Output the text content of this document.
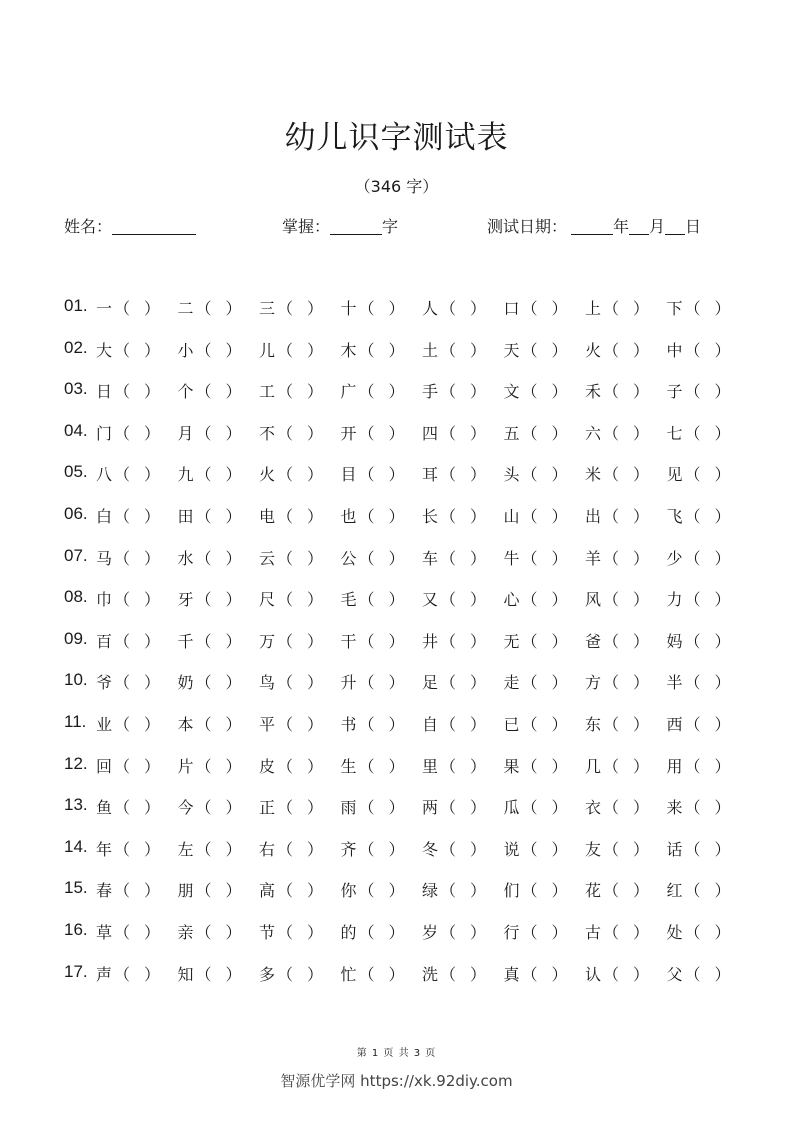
幼儿识字测试表
（346 字）
姓名：	掌握：	字	测试日期：	年 月 日
01. 一 （ ） 二 （ ） 三 （ ） 十 （ ） 人 （ ） 口 （ ） 上 （ ） 下 （ ）
02. 大 （ ） 小 （ ） 儿 （ ） 木 （ ） 土 （ ） 天 （ ） 火 （ ） 中 （ ）
03. 日 （ ） 个 （ ） 工 （ ） 广 （ ） 手 （ ） 文 （ ） 禾 （ ） 子 （ ）
04. 门 （ ） 月 （ ） 不 （ ） 开 （ ） 四 （ ） 五 （ ） 六 （ ） 七 （ ）
05. 八 （ ） 九 （ ） 火 （ ） 目 （ ） 耳 （ ） 头 （ ） 米 （ ） 见 （ ）
06. 白 （ ） 田 （ ） 电 （ ） 也 （ ） 长 （ ） 山 （ ） 出 （ ） 飞 （ ）
07. 马 （ ） 水 （ ） 云 （ ） 公 （ ） 车 （ ） 牛 （ ） 羊 （ ） 少 （ ）
08. 巾 （ ） 牙 （ ） 尺 （ ） 毛 （ ） 又 （ ） 心 （ ） 风 （ ） 力 （ ）
09. 百 （ ） 千 （ ） 万 （ ） 干 （ ） 井 （ ） 无 （ ） 爸 （ ） 妈 （ ）
10. 爷 （ ） 奶 （ ） 鸟 （ ） 升 （ ） 足 （ ） 走 （ ） 方 （ ） 半 （ ）
11. 业 （ ） 本 （ ） 平 （ ） 书 （ ） 自 （ ） 已 （ ） 东 （ ） 西 （ ）
12. 回 （ ） 片 （ ） 皮 （ ） 生 （ ） 里 （ ） 果 （ ） 几 （ ） 用 （ ）
13. 鱼 （ ） 今 （ ） 正 （ ） 雨 （ ） 两 （ ） 瓜 （ ） 衣 （ ） 来 （ ）
14. 年 （ ） 左 （ ） 右 （ ） 齐 （ ） 冬 （ ） 说 （ ） 友 （ ） 话 （ ）
15. 春 （ ） 朋 （ ） 高 （ ） 你 （ ） 绿 （ ） 们 （ ） 花 （ ） 红 （ ）
16. 草 （ ） 亲 （ ） 节 （ ） 的 （ ） 岁 （ ） 行 （ ） 古 （ ） 处 （ ）
17. 声 （ ） 知 （ ） 多 （ ） 忙 （ ） 洗 （ ） 真 （ ） 认 （ ） 父 （ ）
第 1 页 共 3 页
智源优学网 https://xk.92diy.com
